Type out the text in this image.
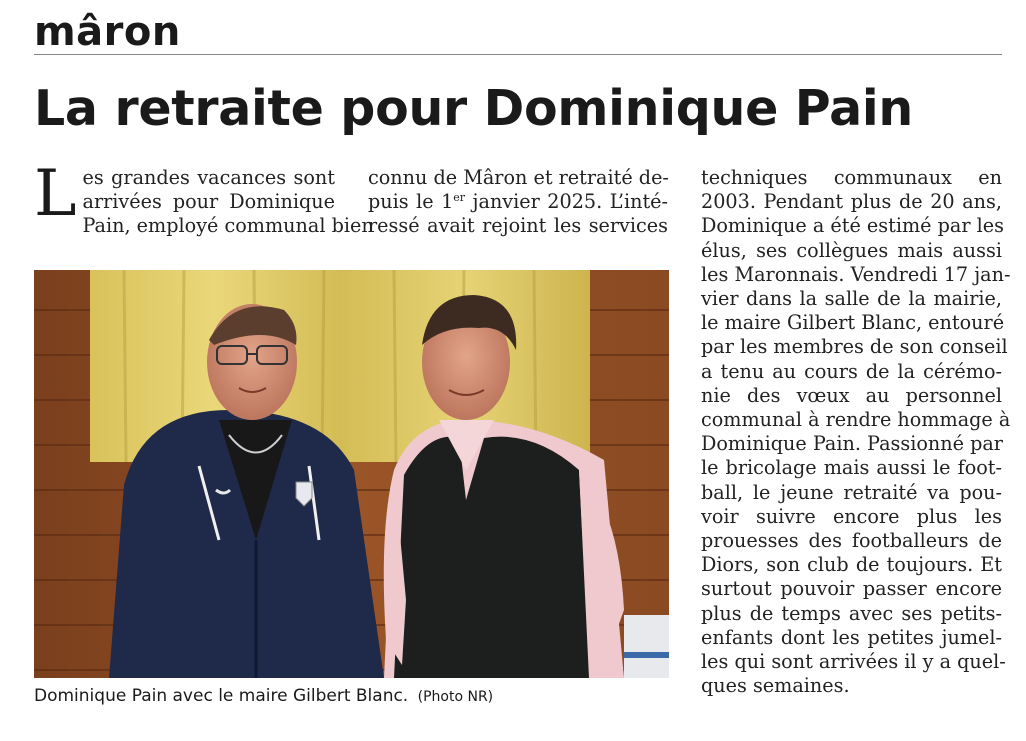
mâron
La retraite pour Dominique Pain
L es grandes vacances sont
arrivées pour Dominique
Pain, employé communal bien
connu de Mâron et retraité de-
puis le 1er janvier 2025. L’inté-
ressé avait rejoint les services
techniques communaux en
2003. Pendant plus de 20 ans,
Dominique a été estimé par les
élus, ses collègues mais aussi
les Maronnais. Vendredi 17 jan-
vier dans la salle de la mairie,
le maire Gilbert Blanc, entouré
par les membres de son conseil
a tenu au cours de la cérémo-
nie des vœux au personnel
communal à rendre hommage à
Dominique Pain. Passionné par
le bricolage mais aussi le foot-
ball, le jeune retraité va pou-
voir suivre encore plus les
prouesses des footballeurs de
Diors, son club de toujours. Et
surtout pouvoir passer encore
plus de temps avec ses petits-
enfants dont les petites jumel-
les qui sont arrivées il y a quel-
ques semaines.
Dominique Pain avec le maire Gilbert Blanc. (Photo NR)
